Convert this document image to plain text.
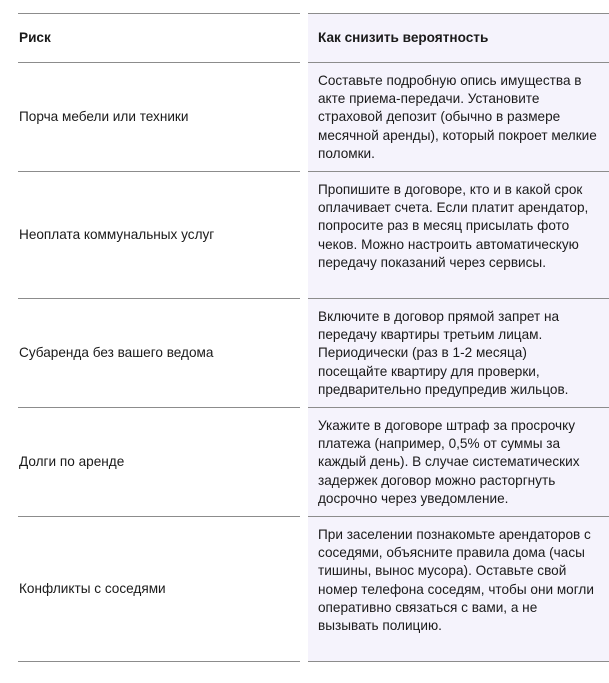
Риск	Как снизить вероятность
Порча мебели или техники
Составьте подробную опись имущества в акте приема-передачи. Установите страховой депозит (обычно в размере месячной аренды), который покроет мелкие поломки.
Неоплата коммунальных услуг
Пропишите в договоре, кто и в какой срок оплачивает счета. Если платит арендатор, попросите раз в месяц присылать фото чеков. Можно настроить автоматическую передачу показаний через сервисы.
Субаренда без вашего ведома
Включите в договор прямой запрет на передачу квартиры третьим лицам. Периодически (раз в 1-2 месяца) посещайте квартиру для проверки, предварительно предупредив жильцов.
Долги по аренде
Укажите в договоре штраф за просрочку платежа (например, 0,5% от суммы за каждый день). В случае систематических задержек договор можно расторгнуть досрочно через уведомление.
Конфликты с соседями
При заселении познакомьте арендаторов с соседями, объясните правила дома (часы тишины, вынос мусора). Оставьте свой номер телефона соседям, чтобы они могли оперативно связаться с вами, а не вызывать полицию.
